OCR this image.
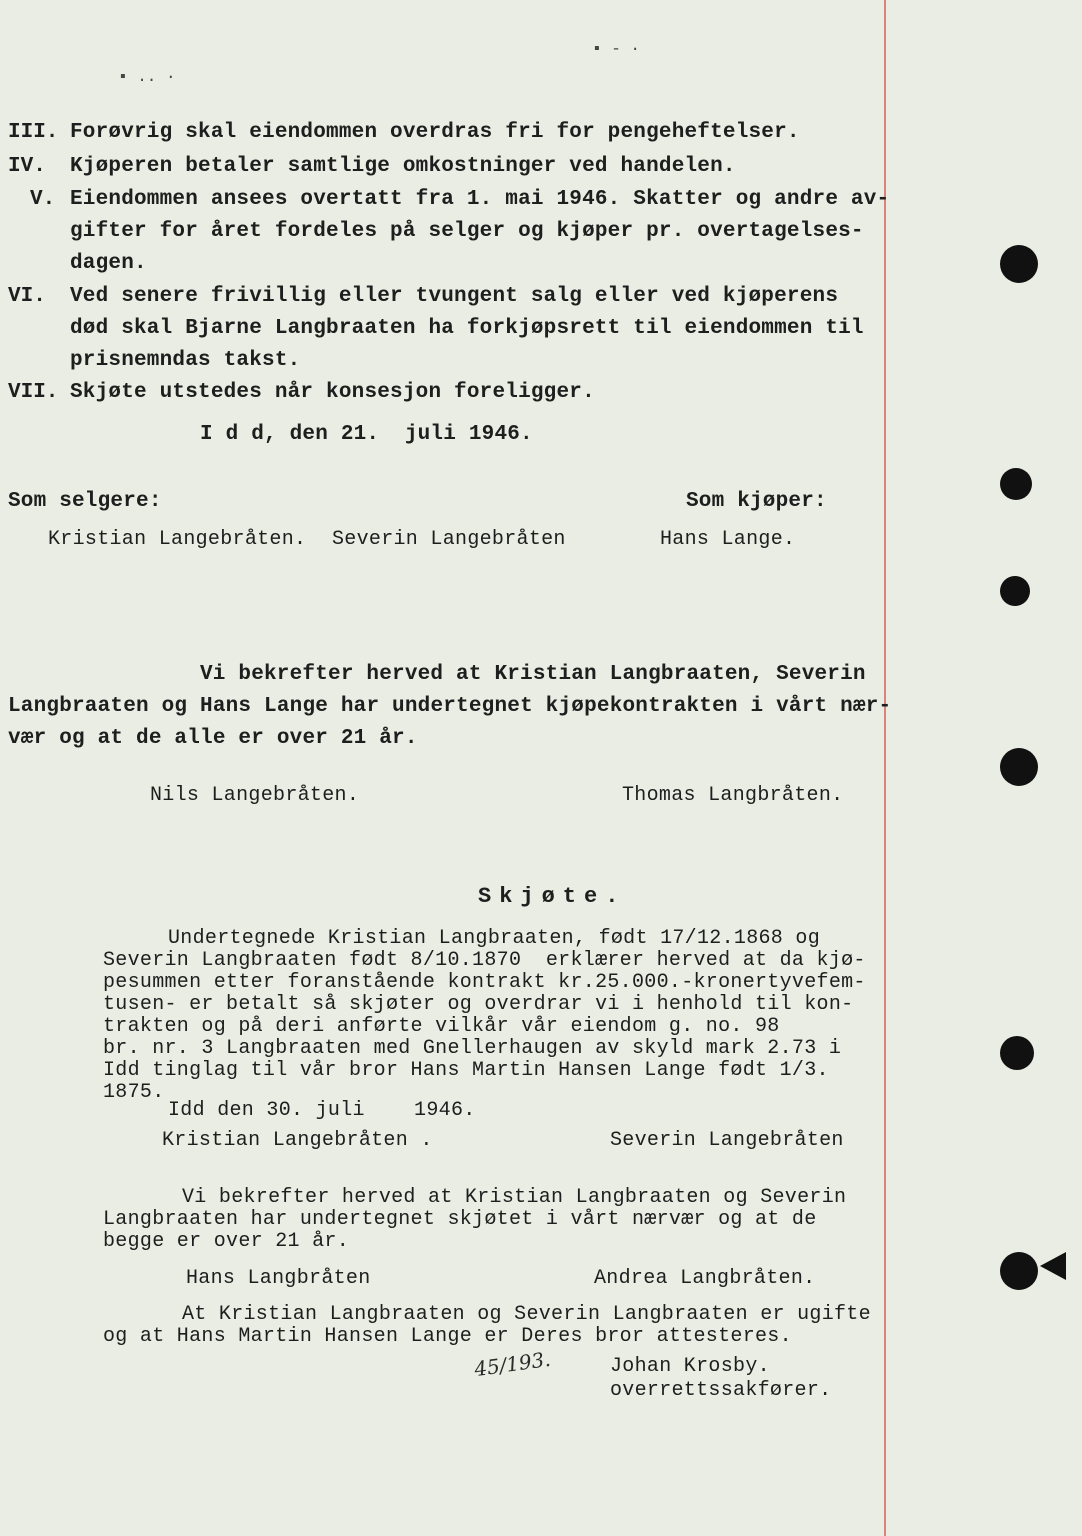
▪ .. ·
▪ - ·
III. Forøvrig skal eiendommen overdras fri for pengeheftelser.
IV. Kjøperen betaler samtlige omkostninger ved handelen.
V. Eiendommen ansees overtatt fra 1. mai 1946. Skatter og andre av-
gifter for året fordeles på selger og kjøper pr. overtagelses-
dagen.
VI. Ved senere frivillig eller tvungent salg eller ved kjøperens
død skal Bjarne Langbraaten ha forkjøpsrett til eiendommen til
prisnemndas takst.
VII. Skjøte utstedes når konsesjon foreligger.
I d d, den 21.  juli 1946.
Som selgere:	Som kjøper:
Kristian Langebråten. Severin Langebråten	Hans Lange.
Vi bekrefter herved at Kristian Langbraaten, Severin
Langbraaten og Hans Lange har undertegnet kjøpekontrakten i vårt nær-
vær og at de alle er over 21 år.
Nils Langebråten.	Thomas Langbråten.
Skjøte.
Undertegnede Kristian Langbraaten, født 17/12.1868 og
Severin Langbraaten født 8/10.1870  erklærer herved at da kjø-
pesummen etter foranstående kontrakt kr.25.000.-kronertyvefem-
tusen- er betalt så skjøter og overdrar vi i henhold til kon-
trakten og på deri anførte vilkår vår eiendom g. no. 98
br. nr. 3 Langbraaten med Gnellerhaugen av skyld mark 2.73 i
Idd tinglag til vår bror Hans Martin Hansen Lange født 1/3.
1875.
Idd den 30. juli    1946.
Kristian Langebråten .	Severin Langebråten
Vi bekrefter herved at Kristian Langbraaten og Severin
Langbraaten har undertegnet skjøtet i vårt nærvær og at de
begge er over 21 år.
Hans Langbråten	Andrea Langbråten.
At Kristian Langbraaten og Severin Langbraaten er ugifte
og at Hans Martin Hansen Lange er Deres bror attesteres.
45/193.	Johan Krosby.
overrettssakfører.
